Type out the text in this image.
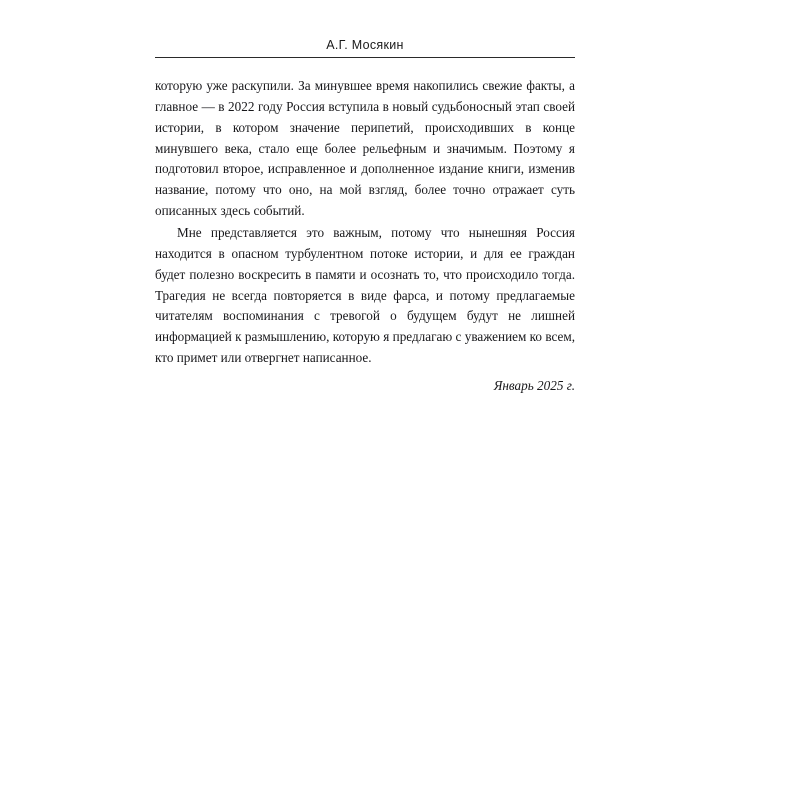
А.Г. Мосякин

которую уже раскупили. За минувшее время накопились свежие факты, а главное — в 2022 году Россия вступила в новый судьбоносный этап своей истории, в котором значение перипетий, происходивших в конце минувшего века, стало еще более рельефным и значимым. Поэтому я подготовил второе, исправленное и дополненное издание книги, изменив название, потому что оно, на мой взгляд, более точно отражает суть описанных здесь событий.

Мне представляется это важным, потому что нынешняя Россия находится в опасном турбулентном потоке истории, и для ее граждан будет полезно воскресить в памяти и осознать то, что происходило тогда. Трагедия не всегда повторяется в виде фарса, и потому предлагаемые читателям воспоминания с тревогой о будущем будут не лишней информацией к размышлению, которую я предлагаю с уважением ко всем, кто примет или отвергнет написанное.

Январь 2025 г.
